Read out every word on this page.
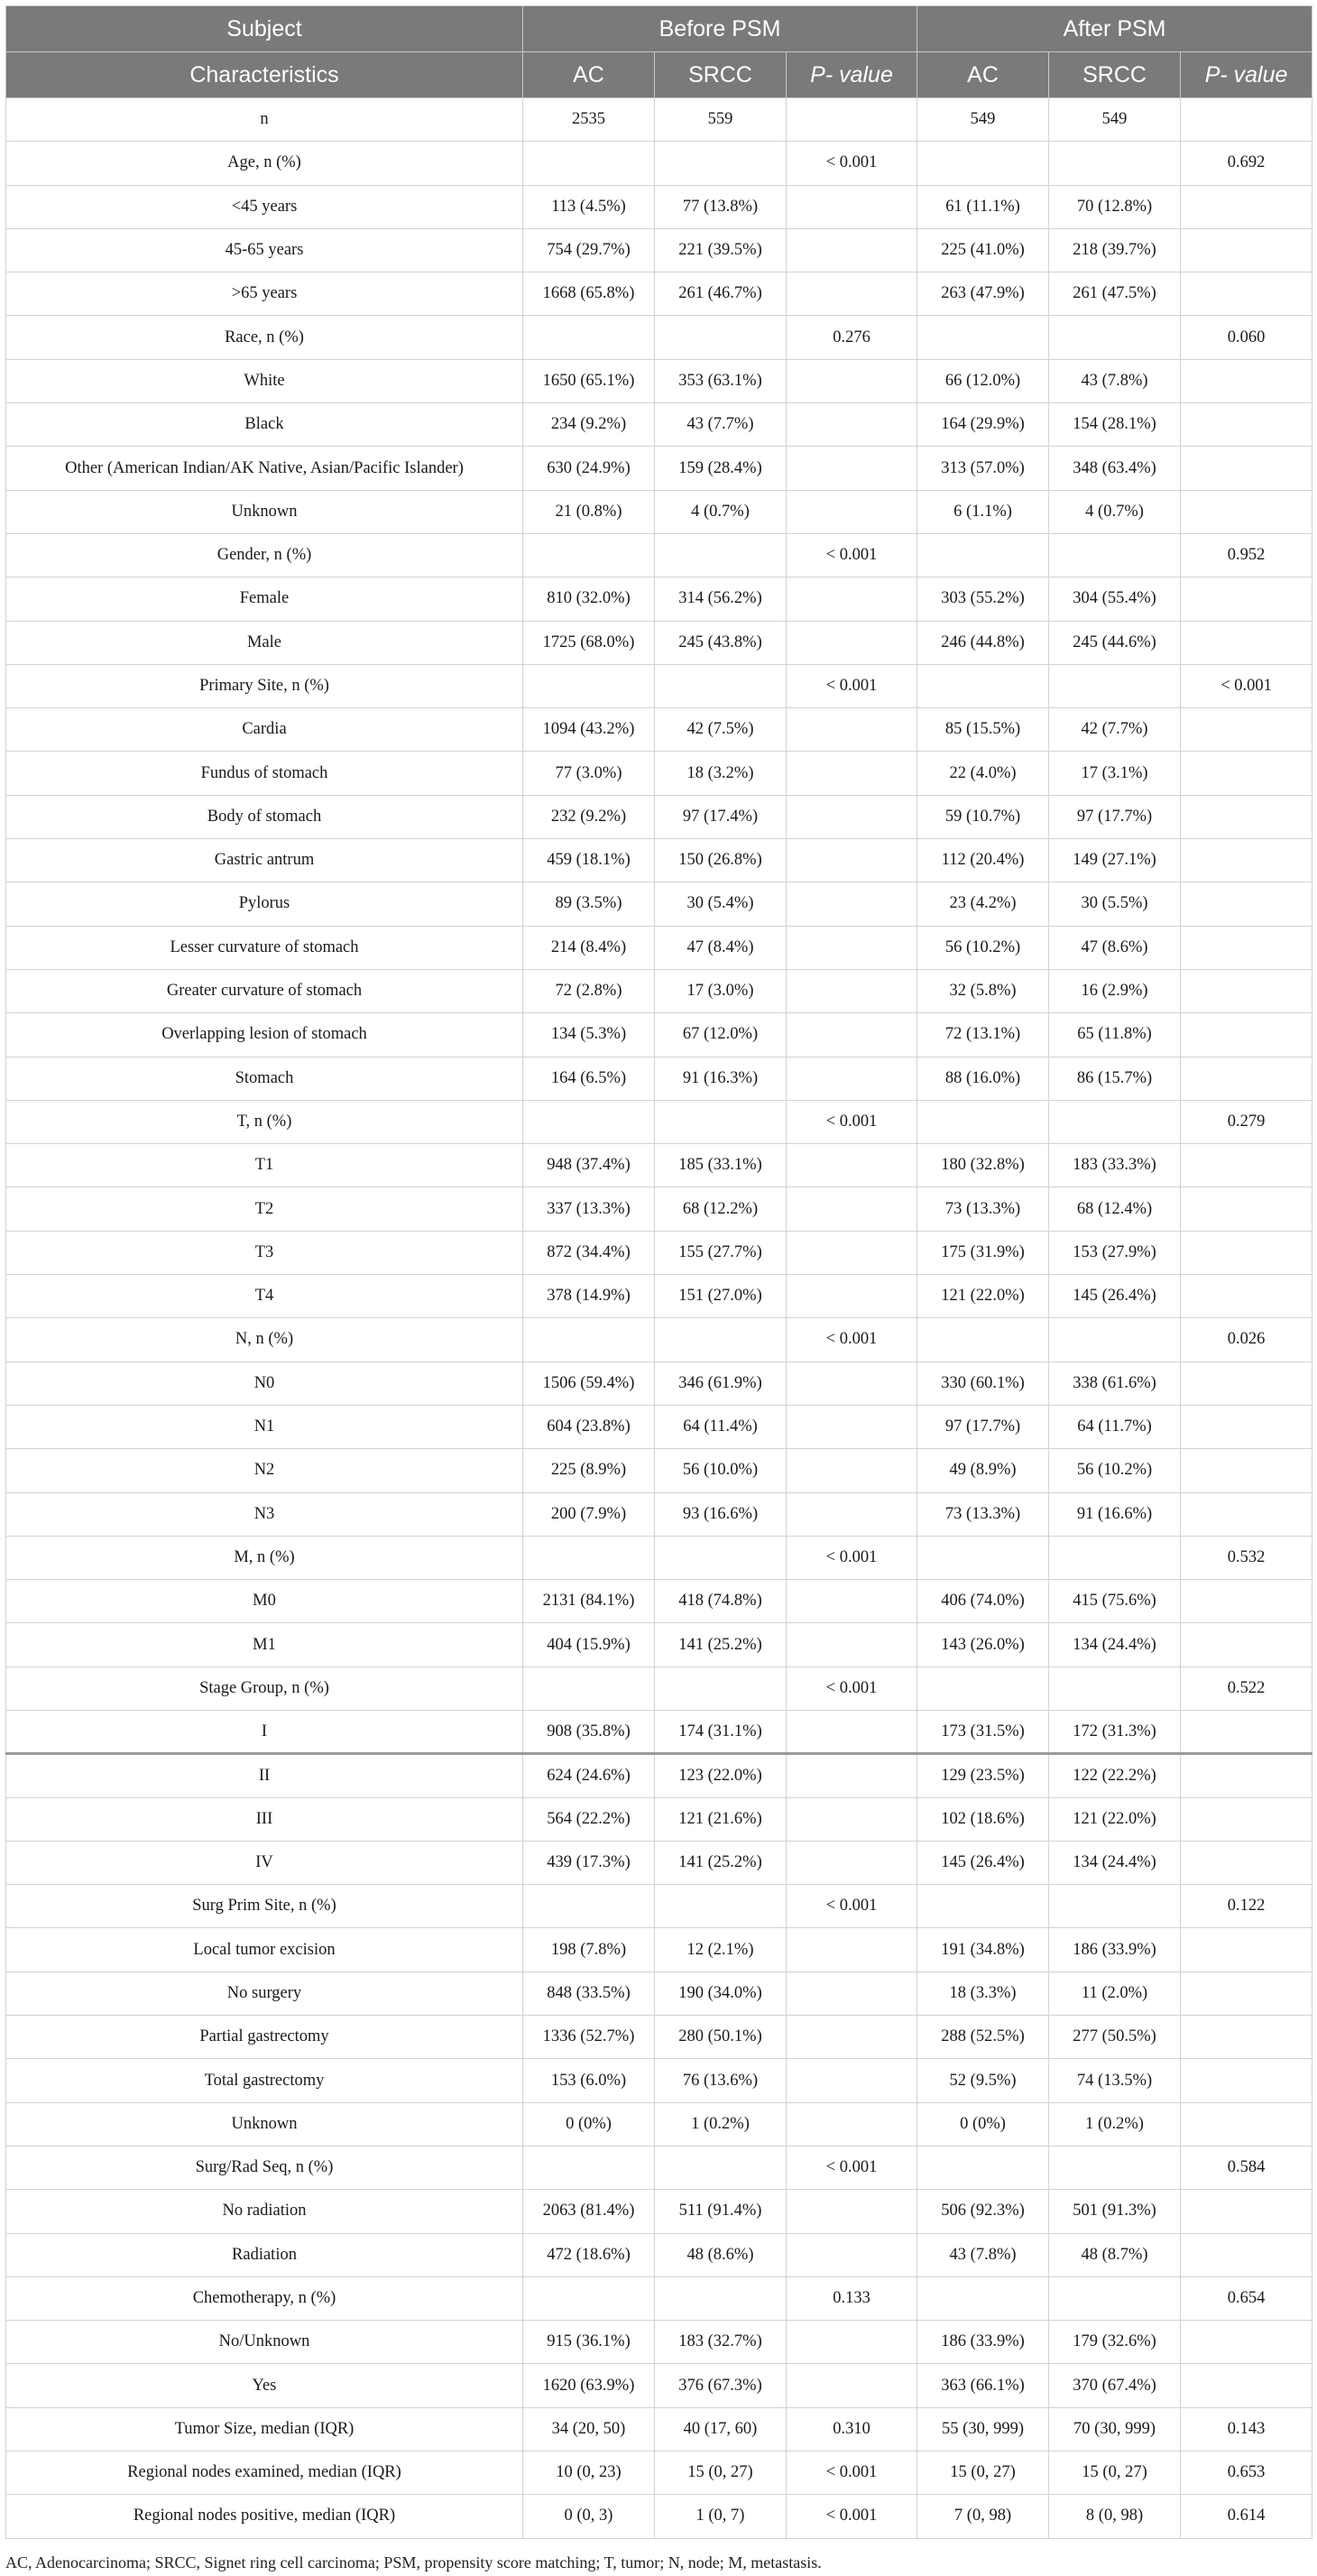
Subject	Before PSM			After PSM		
Characteristics	AC	SRCC	P- value	AC	SRCC	P- value
n	2535	559		549	549	
Age, n (%)			< 0.001			0.692
<45 years	113 (4.5%)	77 (13.8%)		61 (11.1%)	70 (12.8%)	
45-65 years	754 (29.7%)	221 (39.5%)		225 (41.0%)	218 (39.7%)	
>65 years	1668 (65.8%)	261 (46.7%)		263 (47.9%)	261 (47.5%)	
Race, n (%)			0.276			0.060
White	1650 (65.1%)	353 (63.1%)		66 (12.0%)	43 (7.8%)	
Black	234 (9.2%)	43 (7.7%)		164 (29.9%)	154 (28.1%)	
Other (American Indian/AK Native, Asian/Pacific Islander)	630 (24.9%)	159 (28.4%)		313 (57.0%)	348 (63.4%)	
Unknown	21 (0.8%)	4 (0.7%)		6 (1.1%)	4 (0.7%)	
Gender, n (%)			< 0.001			0.952
Female	810 (32.0%)	314 (56.2%)		303 (55.2%)	304 (55.4%)	
Male	1725 (68.0%)	245 (43.8%)		246 (44.8%)	245 (44.6%)	
Primary Site, n (%)			< 0.001			< 0.001
Cardia	1094 (43.2%)	42 (7.5%)		85 (15.5%)	42 (7.7%)	
Fundus of stomach	77 (3.0%)	18 (3.2%)		22 (4.0%)	17 (3.1%)	
Body of stomach	232 (9.2%)	97 (17.4%)		59 (10.7%)	97 (17.7%)	
Gastric antrum	459 (18.1%)	150 (26.8%)		112 (20.4%)	149 (27.1%)	
Pylorus	89 (3.5%)	30 (5.4%)		23 (4.2%)	30 (5.5%)	
Lesser curvature of stomach	214 (8.4%)	47 (8.4%)		56 (10.2%)	47 (8.6%)	
Greater curvature of stomach	72 (2.8%)	17 (3.0%)		32 (5.8%)	16 (2.9%)	
Overlapping lesion of stomach	134 (5.3%)	67 (12.0%)		72 (13.1%)	65 (11.8%)	
Stomach	164 (6.5%)	91 (16.3%)		88 (16.0%)	86 (15.7%)	
T, n (%)			< 0.001			0.279
T1	948 (37.4%)	185 (33.1%)		180 (32.8%)	183 (33.3%)	
T2	337 (13.3%)	68 (12.2%)		73 (13.3%)	68 (12.4%)	
T3	872 (34.4%)	155 (27.7%)		175 (31.9%)	153 (27.9%)	
T4	378 (14.9%)	151 (27.0%)		121 (22.0%)	145 (26.4%)	
N, n (%)			< 0.001			0.026
N0	1506 (59.4%)	346 (61.9%)		330 (60.1%)	338 (61.6%)	
N1	604 (23.8%)	64 (11.4%)		97 (17.7%)	64 (11.7%)	
N2	225 (8.9%)	56 (10.0%)		49 (8.9%)	56 (10.2%)	
N3	200 (7.9%)	93 (16.6%)		73 (13.3%)	91 (16.6%)	
M, n (%)			< 0.001			0.532
M0	2131 (84.1%)	418 (74.8%)		406 (74.0%)	415 (75.6%)	
M1	404 (15.9%)	141 (25.2%)		143 (26.0%)	134 (24.4%)	
Stage Group, n (%)			< 0.001			0.522
I	908 (35.8%)	174 (31.1%)		173 (31.5%)	172 (31.3%)	
II	624 (24.6%)	123 (22.0%)		129 (23.5%)	122 (22.2%)	
III	564 (22.2%)	121 (21.6%)		102 (18.6%)	121 (22.0%)	
IV	439 (17.3%)	141 (25.2%)		145 (26.4%)	134 (24.4%)	
Surg Prim Site, n (%)			< 0.001			0.122
Local tumor excision	198 (7.8%)	12 (2.1%)		191 (34.8%)	186 (33.9%)	
No surgery	848 (33.5%)	190 (34.0%)		18 (3.3%)	11 (2.0%)	
Partial gastrectomy	1336 (52.7%)	280 (50.1%)		288 (52.5%)	277 (50.5%)	
Total gastrectomy	153 (6.0%)	76 (13.6%)		52 (9.5%)	74 (13.5%)	
Unknown	0 (0%)	1 (0.2%)		0 (0%)	1 (0.2%)	
Surg/Rad Seq, n (%)			< 0.001			0.584
No radiation	2063 (81.4%)	511 (91.4%)		506 (92.3%)	501 (91.3%)	
Radiation	472 (18.6%)	48 (8.6%)		43 (7.8%)	48 (8.7%)	
Chemotherapy, n (%)			0.133			0.654
No/Unknown	915 (36.1%)	183 (32.7%)		186 (33.9%)	179 (32.6%)	
Yes	1620 (63.9%)	376 (67.3%)		363 (66.1%)	370 (67.4%)	
Tumor Size, median (IQR)	34 (20, 50)	40 (17, 60)	0.310	55 (30, 999)	70 (30, 999)	0.143
Regional nodes examined, median (IQR)	10 (0, 23)	15 (0, 27)	< 0.001	15 (0, 27)	15 (0, 27)	0.653
Regional nodes positive, median (IQR)	0 (0, 3)	1 (0, 7)	< 0.001	7 (0, 98)	8 (0, 98)	0.614
AC, Adenocarcinoma; SRCC, Signet ring cell carcinoma; PSM, propensity score matching; T, tumor; N, node; M, metastasis.
